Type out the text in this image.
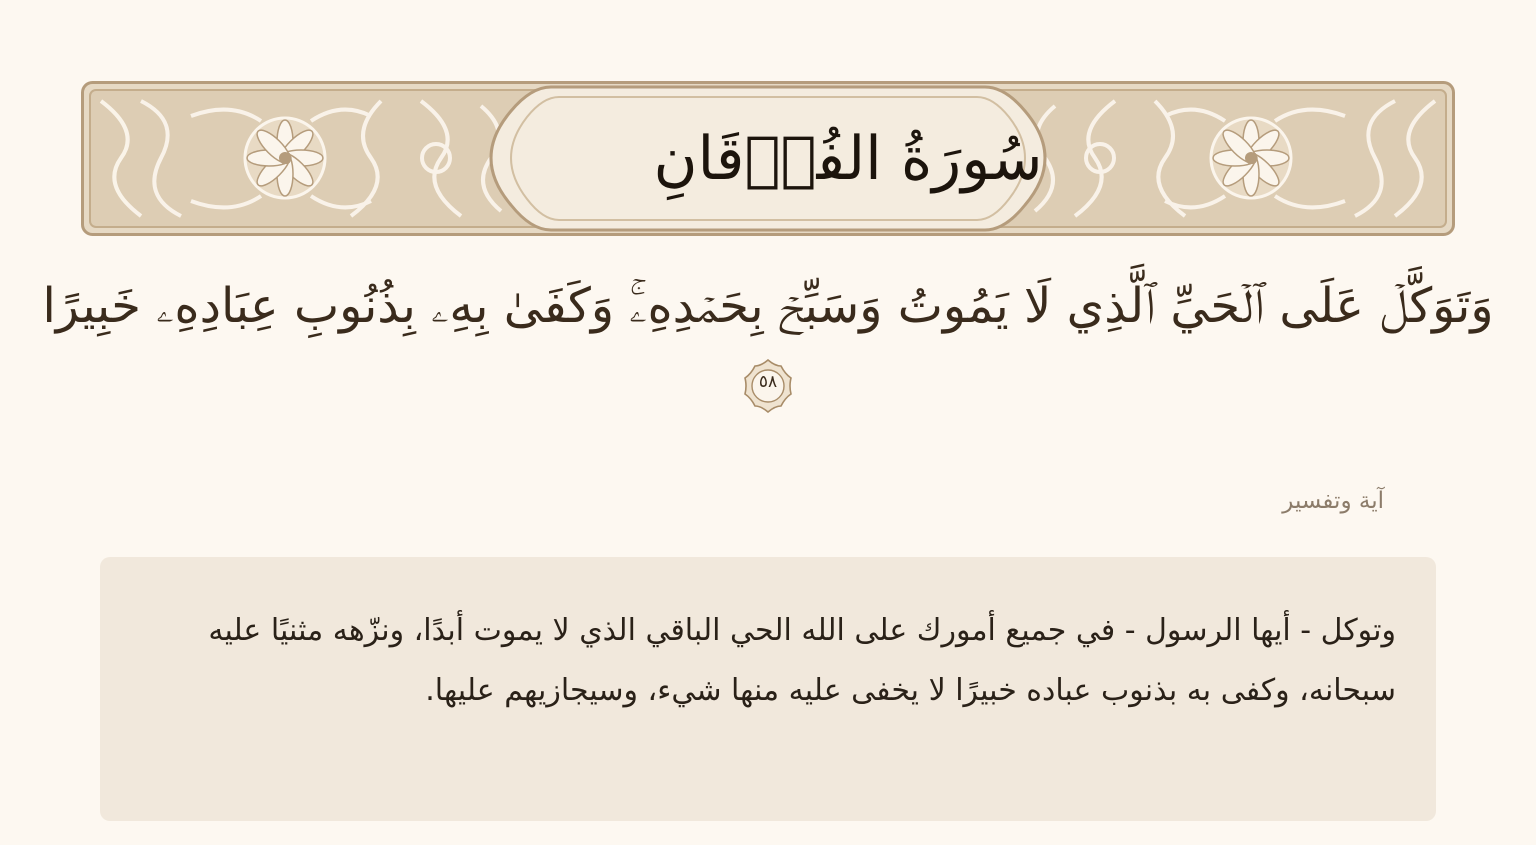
سُورَةُ الفُرۡقَانِ
وَتَوَكَّلۡ عَلَى ٱلۡحَيِّ ٱلَّذِي لَا يَمُوتُ وَسَبِّحۡ بِحَمۡدِهِۦۚ وَكَفَىٰ بِهِۦ بِذُنُوبِ عِبَادِهِۦ خَبِيرًا
٥٨
آية وتفسير
وتوكل - أيها الرسول - في جميع أمورك على الله الحي الباقي الذي لا يموت أبدًا، ونزّهه مثنيًا عليه سبحانه، وكفى به بذنوب عباده خبيرًا لا يخفى عليه منها شيء، وسيجازيهم عليها.
